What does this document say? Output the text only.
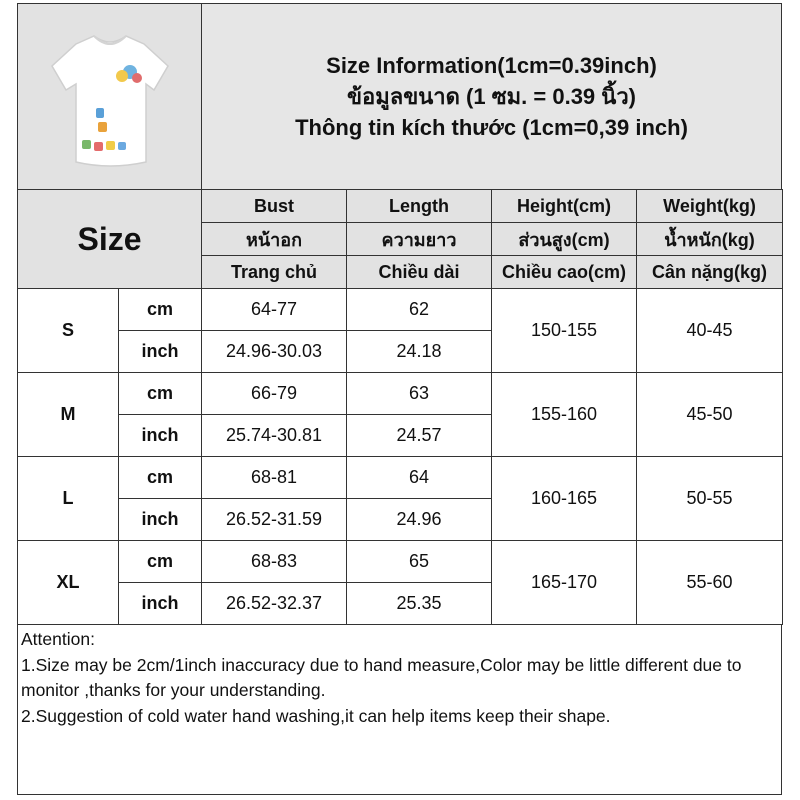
Size Information(1cm=0.39inch)
ข้อมูลขนาด (1 ซม. = 0.39 นิ้ว)
Thông tin kích thước (1cm=0,39 inch)
Size		Bust	Length	Height(cm)	Weight(kg)
		หน้าอก	ความยาว	ส่วนสูง(cm)	น้ำหนัก(kg)
		Trang chủ	Chiều dài	Chiều cao(cm)	Cân nặng(kg)
S	cm	64-77	62	150-155	40-45
	inch	24.96-30.03	24.18		
M	cm	66-79	63	155-160	45-50
	inch	25.74-30.81	24.57		
L	cm	68-81	64	160-165	50-55
	inch	26.52-31.59	24.96		
XL	cm	68-83	65	165-170	55-60
	inch	26.52-32.37	25.35		
Attention:
1.Size may be 2cm/1inch inaccuracy due to hand measure,Color may be little different due to monitor ,thanks for your understanding.
2.Suggestion of cold water hand washing,it can help items keep their shape.
